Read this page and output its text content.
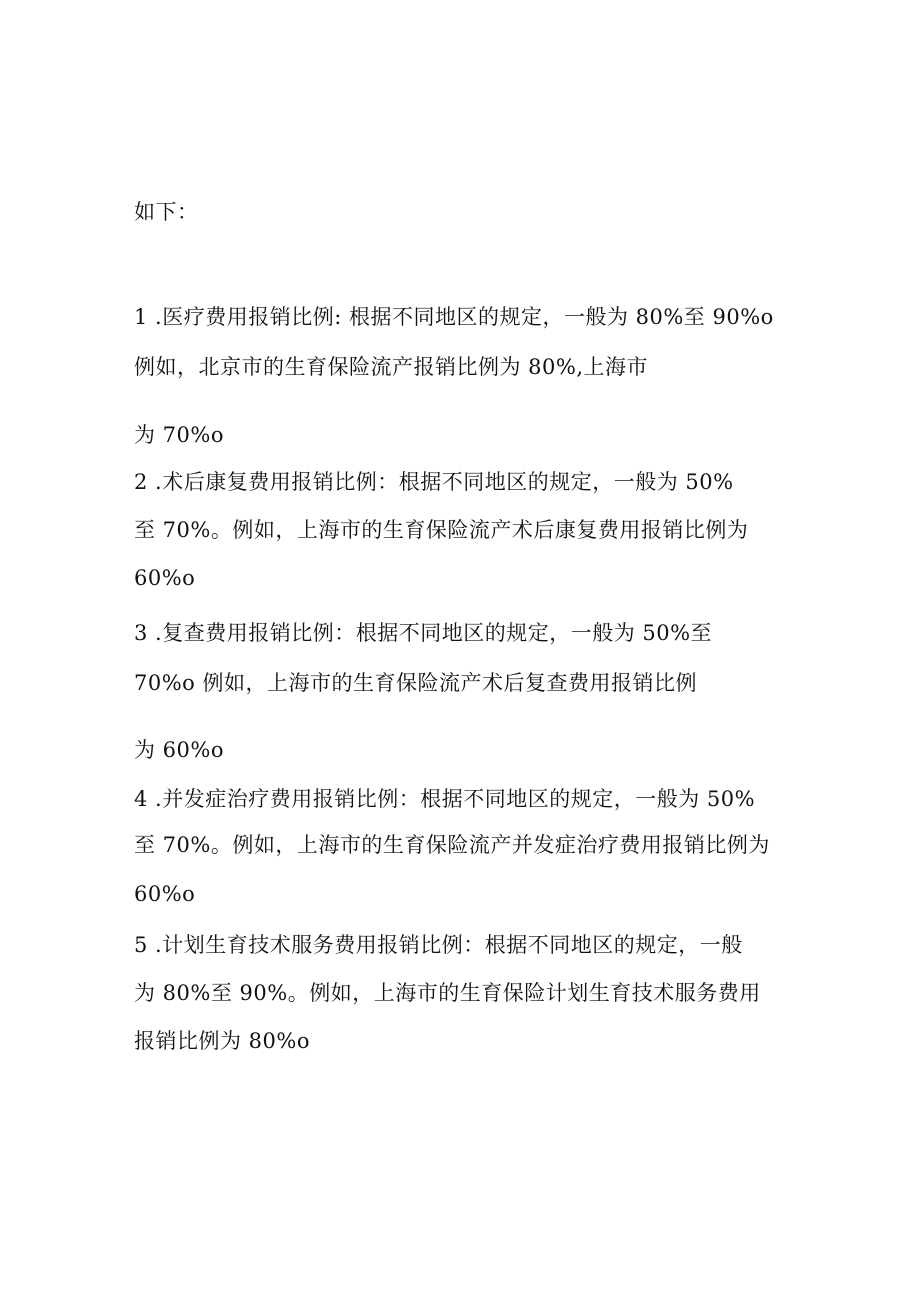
如下：
1 .医疗费用报销比例: 根据不同地区的规定，一般为 80%至 90%o
例如，北京市的生育保险流产报销比例为 80%,上海市
为 70%o
2 .术后康复费用报销比例：根据不同地区的规定，一般为 50%
至 70%。例如，上海市的生育保险流产术后康复费用报销比例为
60%o
3 .复查费用报销比例：根据不同地区的规定，一般为 50%至
70%o 例如，上海市的生育保险流产术后复查费用报销比例
为 60%o
4 .并发症治疗费用报销比例：根据不同地区的规定，一般为 50%
至 70%。例如，上海市的生育保险流产并发症治疗费用报销比例为
60%o
5 .计划生育技术服务费用报销比例：根据不同地区的规定，一般
为 80%至 90%。例如，上海市的生育保险计划生育技术服务费用
报销比例为 80%o
